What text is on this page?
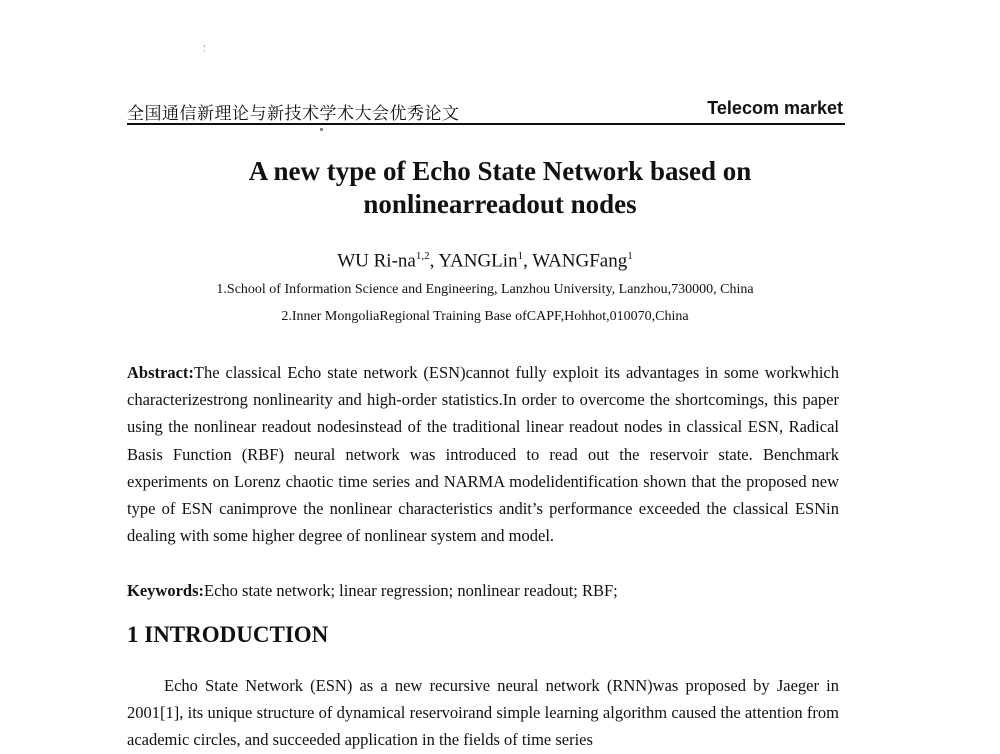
全国通信新理论与新技术学术大会优秀论文	Telecom market
A new type of Echo State Network based on
nonlinearreadout nodes
WU Ri-na$^{1,2}$, YANGLin$^1$, WANGFang$^1$
1.School of Information Science and Engineering, Lanzhou University, Lanzhou,730000, China
2.Inner MongoliaRegional Training Base ofCAPF,Hohhot,010070,China
Abstract:The classical Echo state network (ESN)cannot fully exploit its advantages in some workwhich characterizestrong nonlinearity and high-order statistics.In order to overcome the shortcomings, this paper using the nonlinear readout nodesinstead of the traditional linear readout nodes in classical ESN, Radical Basis Function (RBF) neural network was introduced to read out the reservoir state. Benchmark experiments on Lorenz chaotic time series and NARMA modelidentification shown that the proposed new type of ESN canimprove the nonlinear characteristics andit’s performance exceeded the classical ESNin dealing with some higher degree of nonlinear system and model.
Keywords:Echo state network; linear regression; nonlinear readout; RBF;
1 INTRODUCTION
Echo State Network (ESN) as a new recursive neural network (RNN)was proposed by Jaeger in 2001[1], its unique structure of dynamical reservoirand simple learning algorithm caused the attention from academic circles, and succeeded application in the fields of time series
